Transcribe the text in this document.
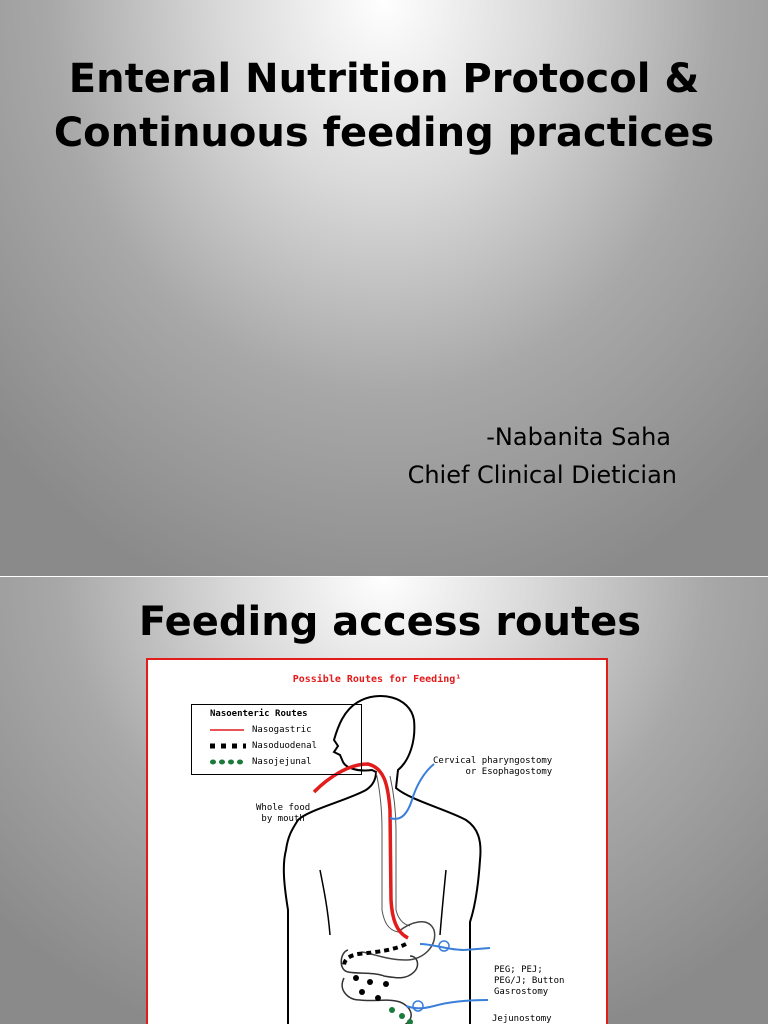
Enteral Nutrition Protocol &
Continuous feeding practices
-Nabanita Saha
Chief Clinical Dietician
Feeding access routes
Possible Routes for Feeding¹
Nasoenteric Routes
Nasogastric
Nasoduodenal
Nasojejunal
Whole food
by mouth
Cervical pharyngostomy
or Esophagostomy
PEG; PEJ;
PEG/J; Button
Gasrostomy
Jejunostomy
